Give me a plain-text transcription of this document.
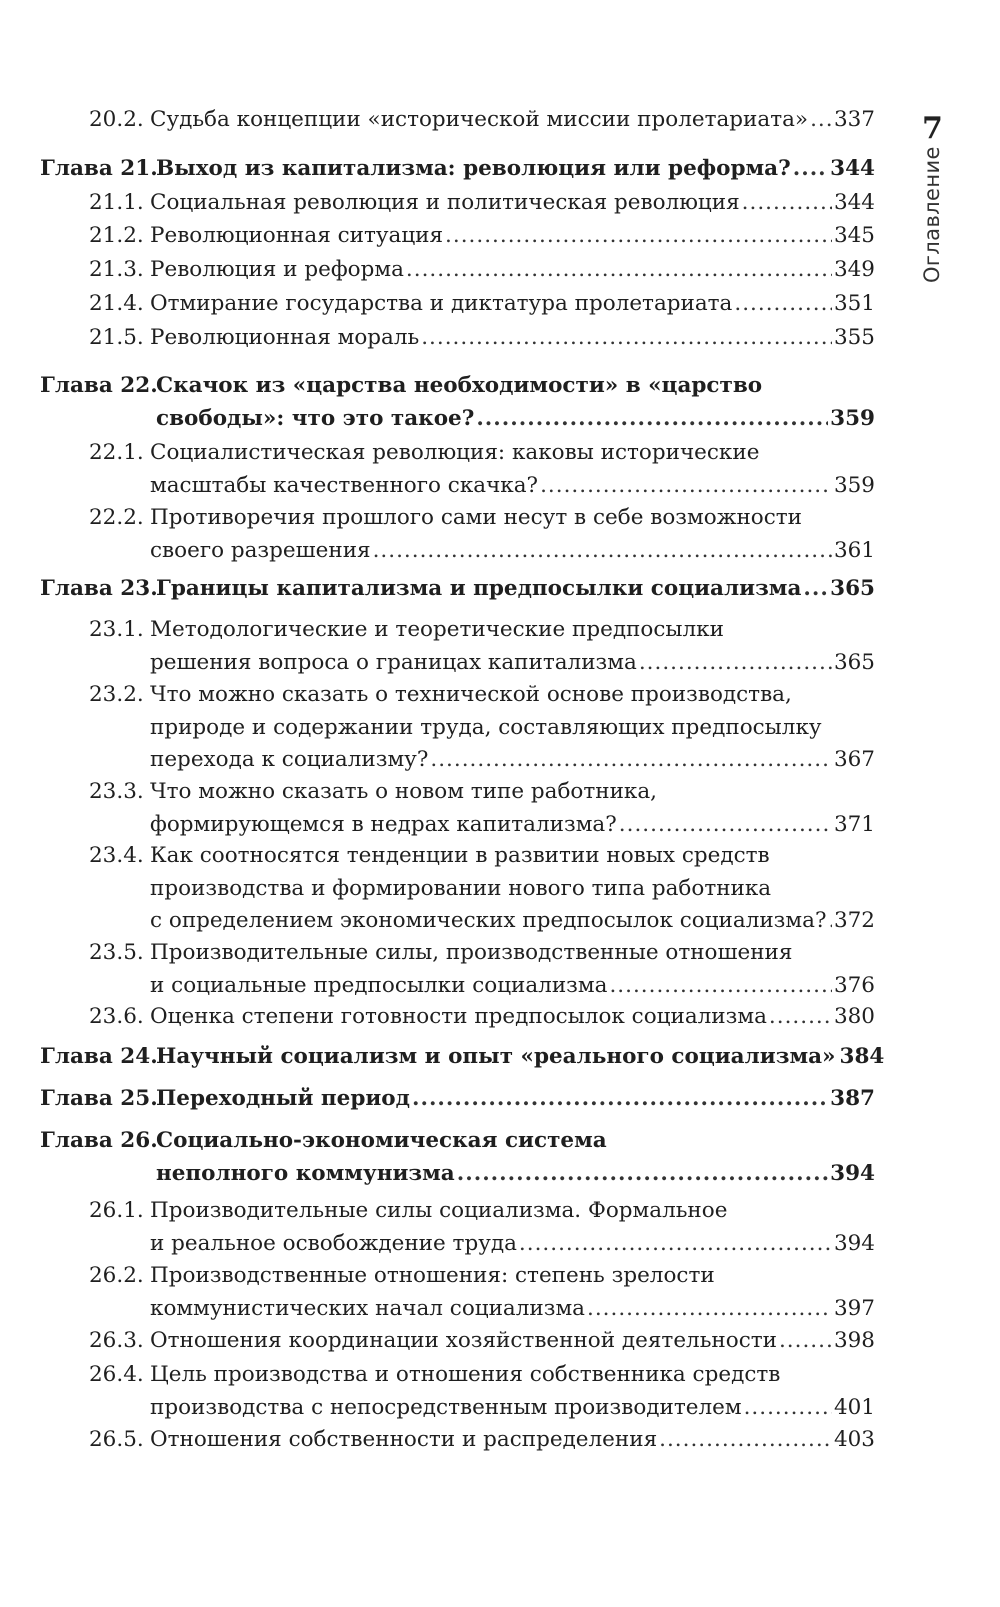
7
Оглавление
20.2. Судьба концепции «исторической миссии пролетариата» ..... 337
Глава 21.
Выход из капитализма: революция или реформа? ..... 344
21.1. Социальная революция и политическая революция .....	344
21.2. Революционная ситуация .....	345
21.3. Революция и реформа .....	349
21.4. Отмирание государства и диктатура пролетариата .....	351
21.5. Революционная мораль .....	355
Глава 22.
Скачок из «царства необходимости» в «царство
свободы»: что это такое? .....	359
22.1. Социалистическая революция: каковы исторические
масштабы качественного скачка? .....	359
22.2. Противоречия прошлого сами несут в себе возможности
своего разрешения .....	361
Глава 23.
Границы капитализма и предпосылки социализма ..... 365
23.1. Методологические и теоретические предпосылки
решения вопроса о границах капитализма .....	365
23.2. Что можно сказать о технической основе производства,
природе и содержании труда, составляющих предпосылку
перехода к социализму? .....	367
23.3. Что можно сказать о новом типе работника,
формирующемся в недрах капитализма? .....	371
23.4. Как соотносятся тенденции в развитии новых средств
производства и формировании нового типа работника
с определением экономических предпосылок социализма? ..... 372
23.5. Производительные силы, производственные отношения
и социальные предпосылки социализма .....	376
23.6. Оценка степени готовности предпосылок социализма .....	380
Глава 24.
Научный социализм и опыт «реального социализма» 384
Глава 25.
Переходный период .....	387
Глава 26.
Социально-экономическая система
неполного коммунизма .....	394
26.1. Производительные силы социализма. Формальное
и реальное освобождение труда .....	394
26.2. Производственные отношения: степень зрелости
коммунистических начал социализма .....	397
26.3. Отношения координации хозяйственной деятельности .....	398
26.4. Цель производства и отношения собственника средств
производства с непосредственным производителем .....	401
26.5. Отношения собственности и распределения .....	403
